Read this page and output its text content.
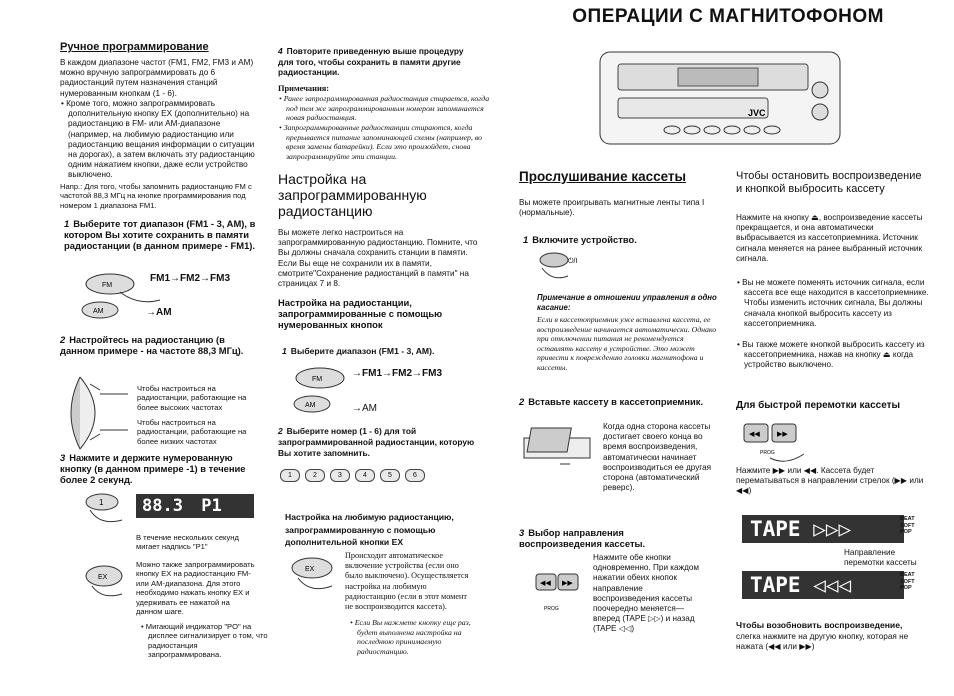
ОПЕРАЦИИ С МАГНИТОФОНОМ
Ручное программирование
В каждом диапазоне частот (FM1, FM2, FM3 и AM) можно вручную запрограммировать до 6 радиостанций путем назначения станций нумерованным кнопкам (1 - 6).
• Кроме того, можно запрограммировать дополнительную кнопку EX (дополнительно) на радиостанцию в FM- или AM-диапазоне (например, на любимую радиостанцию или радиостанцию вещания информации о ситуации на дорогах), а затем включать эту радиостанцию одним нажатием кнопки, даже если устройство выключено.
Напр.: Для того, чтобы запомнить радиостанцию FM с частотой 88,3 МГц на кнопке программирования под номером 1 диапазона FM1.
1 Выберите тот диапазон (FM1 - 3, AM), в котором Вы хотите сохранить в памяти радиостанции (в данном примере - FM1).
FM
AM
FM1→FM2→FM3
→AM
2 Настройтесь на радиостанцию (в данном примере - на частоте 88,3 МГц).
Чтобы настроиться на радиостанции, работающие на более высоких частотах
Чтобы настроиться на радиостанции, работающие на более низких частотах
3 Нажмите и держите нумерованную кнопку (в данном примере -1) в течение более 2 секунд.
1	88.3 P1
В течение нескольких секунд мигает надпись "P1"
EX
Можно также запрограммировать кнопку EX на радиостанцию FM- или AM-диапазона. Для этого необходимо нажать кнопку EX и удерживать ее нажатой на данном шаге.
• Мигающий индикатор "PO" на дисплее сигнализирует о том, что радиостанция запрограммирована.
4 Повторите приведенную выше процедуру для того, чтобы сохранить в памяти другие радиостанции.
Примечания:
• Ранее запрограммированная радиостанция стирается, когда под тем же запрограммированным номером запоминается новая радиостанция.
• Запрограммированные радиостанции стираются, когда прерывается питание запоминающей схемы (например, во время замены батарейки). Если это произойдет, снова запрограммируйте эти станции.
Настройка на запрограммированную радиостанцию
Вы можете легко настроиться на запрограммированную радиостанцию. Помните, что Вы должны сначала сохранить станции в памяти. Если Вы еще не сохранили их в памяти, смотрите"Сохранение радиостанций в памяти" на страницах 7 и 8.
Настройка на радиостанции, запрограммированные с помощью нумерованных кнопок
1 Выберите диапазон (FM1 - 3, AM).
FM
AM
→FM1→FM2→FM3
→AM
2 Выберите номер (1 - 6) для той запрограммированной радиостанции, которую Вы хотите запомнить.
1	2	3	4	5	6
Настройка на любимую радиостанцию, запрограммированную с помощью дополнительной кнопки EX
EX
Происходит автоматическое включение устройства (если оно было выключено). Осуществляется настройка на любимую радиостанцию (если в этот момент не воспроизводится кассета).
• Если Вы нажмете кнопку еще раз, будет выполнена настройка на последнюю принимаемую радиостанцию.
JVC
Прослушивание кассеты
Вы можете проигрывать магнитные ленты типа I (нормальные).
1 Включите устройство.
⏻/I
Примечание в отношении управления в одно касание:
Если в кассетоприемник уже вставлена кассета, ее воспроизведение начинается автоматически. Однако при отключении питания не рекомендуется оставлять кассету в устройстве. Это может привести к повреждению головки магнитофона и кассеты.
2 Вставьте кассету в кассетоприемник.
Когда одна сторона кассеты достигает своего конца во время воспроизведения, автоматически начинает воспроизводиться ее другая сторона (автоматический реверс).
3 Выбор направления воспроизведения кассеты.
◀◀ ▶▶
PROG
Нажмите обе кнопки одновременно. При каждом нажатии обеих кнопок направление воспроизведения кассеты поочередно меняется—вперед (TAPE ▷▷) и назад (TAPE ◁◁)
Чтобы остановить воспроизведение и кнопкой выбросить кассету
Нажмите на кнопку ⏏, воспроизведение кассеты прекращается, и она автоматически выбрасывается из кассетоприемника. Источник сигнала меняется на ранее выбранный источник сигнала.
• Вы не можете поменять источник сигнала, если кассета все еще находится в кассетоприемнике. Чтобы изменить источник сигнала, Вы должны сначала кнопкой выбросить кассету из кассетоприемника.
• Вы также можете кнопкой выбросить кассету из кассетоприемника, нажав на кнопку ⏏ когда устройство выключено.
Для быстрой перемотки кассеты
◀◀ ▶▶
PROG
Нажмите ▶▶ или ◀◀. Кассета будет перематываться в направлении стрелок (▶▶ или ◀◀)
TAPE ▷▷▷	BEAT
SOFT
POP
Направление перемотки кассеты
TAPE ◁◁◁	BEAT
SOFT
POP
Чтобы возобновить воспроизведение,
слегка нажмите на другую кнопку, которая не нажата (◀◀ или ▶▶)
